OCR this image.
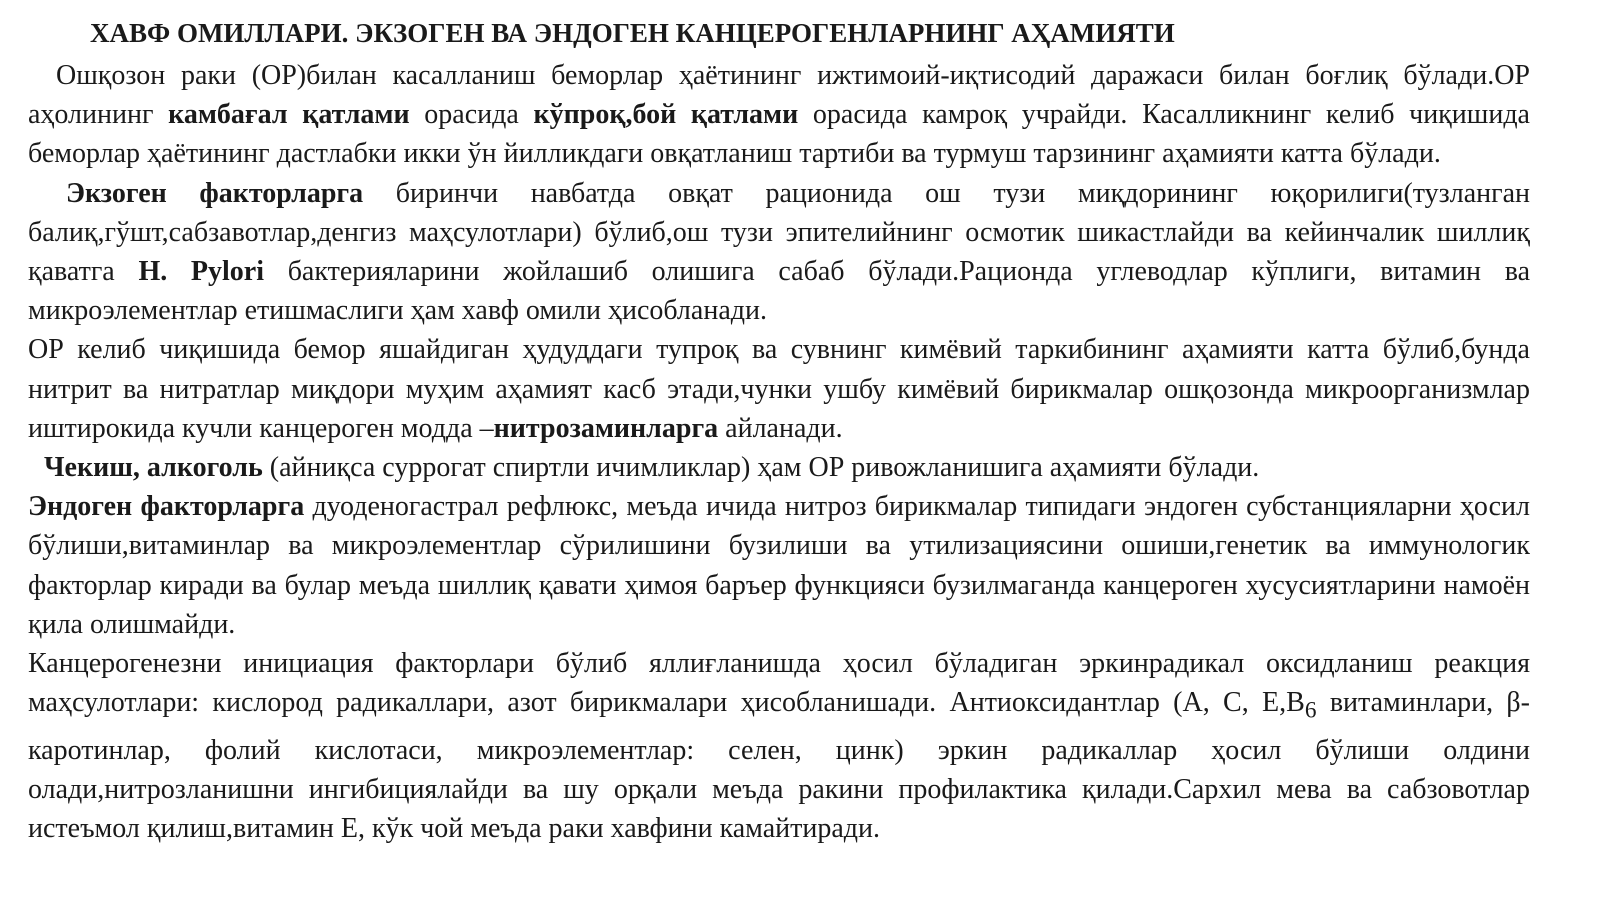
ХАВФ ОМИЛЛАРИ. ЭКЗОГЕН ВА ЭНДОГЕН КАНЦЕРОГЕНЛАРНИНГ АҲАМИЯТИ

Ошқозон раки (ОР)билан касалланиш беморлар ҳаётининг ижтимоий-иқтисодий даражаси билан боғлиқ бўлади.ОР аҳолининг камбағал қатлами орасида кўпроқ,бой қатлами орасида камроқ учрайди. Касалликнинг келиб чиқишида беморлар ҳаётининг дастлабки икки ўн йилликдаги овқатланиш тартиби ва турмуш тарзининг аҳамияти катта бўлади.

Экзоген факторларга биринчи навбатда овқат рационида ош тузи миқдорининг юқорилиги(тузланган балиқ,гўшт,сабзавотлар,денгиз маҳсулотлари) бўлиб,ош тузи эпителийнинг осмотик шикастлайди ва кейинчалик шиллиқ қаватга H. Pylori бактерияларини жойлашиб олишига сабаб бўлади.Рационда углеводлар кўплиги, витамин ва микроэлементлар етишмаслиги ҳам хавф омили ҳисобланади.

ОР келиб чиқишида бемор яшайдиган ҳудуддаги тупроқ ва сувнинг кимёвий таркибининг аҳамияти катта бўлиб,бунда нитрит ва нитратлар миқдори муҳим аҳамият касб этади,чунки ушбу кимёвий бирикмалар ошқозонда микроорганизмлар иштирокида кучли канцероген модда –нитрозаминларга айланади.

Чекиш, алкоголь (айниқса суррогат спиртли ичимликлар) ҳам ОР ривожланишига аҳамияти бўлади.

Эндоген факторларга дуоденогастрал рефлюкс, меъда ичида нитроз бирикмалар типидаги эндоген субстанцияларни ҳосил бўлиши,витаминлар ва микроэлементлар сўрилишини бузилиши ва утилизациясини ошиши,генетик ва иммунологик факторлар киради ва булар меъда шиллиқ қавати ҳимоя баръер функцияси бузилмаганда канцероген хусусиятларини намоён қила олишмайди.

Канцерогенезни инициация факторлари бўлиб яллиғланишда ҳосил бўладиган эркинрадикал оксидланиш реакция маҳсулотлари: кислород радикаллари, азот бирикмалари ҳисобланишади. Антиоксидантлар (А, С, $Е,В_6$ витаминлари, β-каротинлар, фолий кислотаси, микроэлементлар: селен, цинк) эркин радикаллар ҳосил бўлиши олдини олади,нитрозланишни ингибициялайди ва шу орқали меъда ракини профилактика қилади.Сархил мева ва сабзовотлар истеъмол қилиш,витамин Е, кўк чой меъда раки хавфини камайтиради.
